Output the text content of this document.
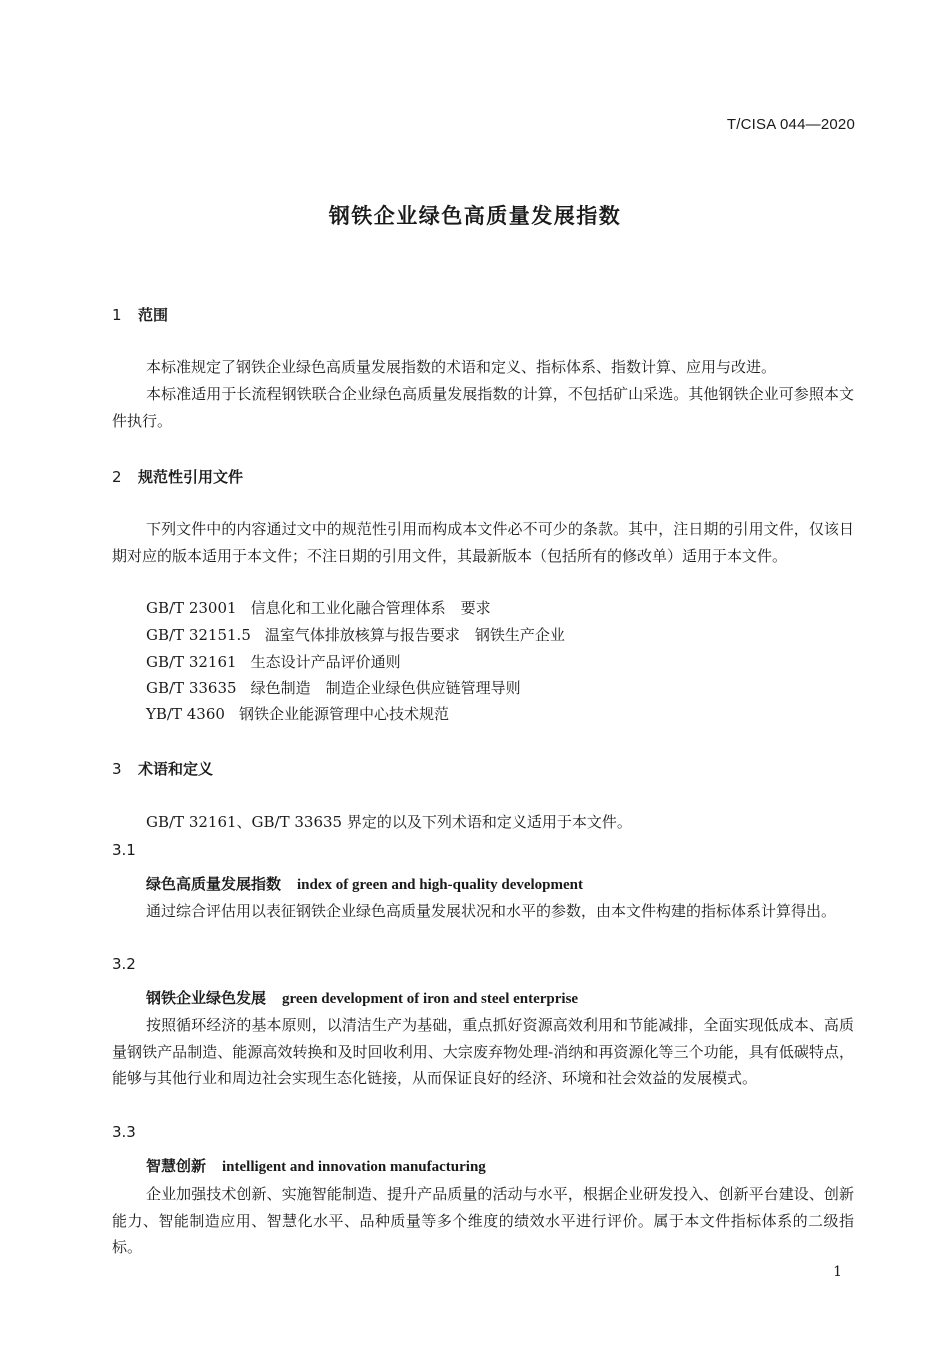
T/CISA 044—2020
钢铁企业绿色高质量发展指数
1 范围
本标准规定了钢铁企业绿色高质量发展指数的术语和定义、指标体系、指数计算、应用与改进。
本标准适用于长流程钢铁联合企业绿色高质量发展指数的计算，不包括矿山采选。其他钢铁企业可参照本文件执行。
2 规范性引用文件
下列文件中的内容通过文中的规范性引用而构成本文件必不可少的条款。其中，注日期的引用文件，仅该日期对应的版本适用于本文件；不注日期的引用文件，其最新版本（包括所有的修改单）适用于本文件。
GB/T 23001 信息化和工业化融合管理体系　要求
GB/T 32151.5 温室气体排放核算与报告要求　钢铁生产企业
GB/T 32161 生态设计产品评价通则
GB/T 33635 绿色制造　制造企业绿色供应链管理导则
YB/T 4360 钢铁企业能源管理中心技术规范
3 术语和定义
GB/T 32161、GB/T 33635 界定的以及下列术语和定义适用于本文件。
3.1
绿色高质量发展指数 index of green and high-quality development
通过综合评估用以表征钢铁企业绿色高质量发展状况和水平的参数，由本文件构建的指标体系计算得出。
3.2
钢铁企业绿色发展 green development of iron and steel enterprise
按照循环经济的基本原则，以清洁生产为基础，重点抓好资源高效利用和节能减排，全面实现低成本、高质量钢铁产品制造、能源高效转换和及时回收利用、大宗废弃物处理-消纳和再资源化等三个功能，具有低碳特点，能够与其他行业和周边社会实现生态化链接，从而保证良好的经济、环境和社会效益的发展模式。
3.3
智慧创新 intelligent and innovation manufacturing
企业加强技术创新、实施智能制造、提升产品质量的活动与水平，根据企业研发投入、创新平台建设、创新能力、智能制造应用、智慧化水平、品种质量等多个维度的绩效水平进行评价。属于本文件指标体系的二级指标。
1
